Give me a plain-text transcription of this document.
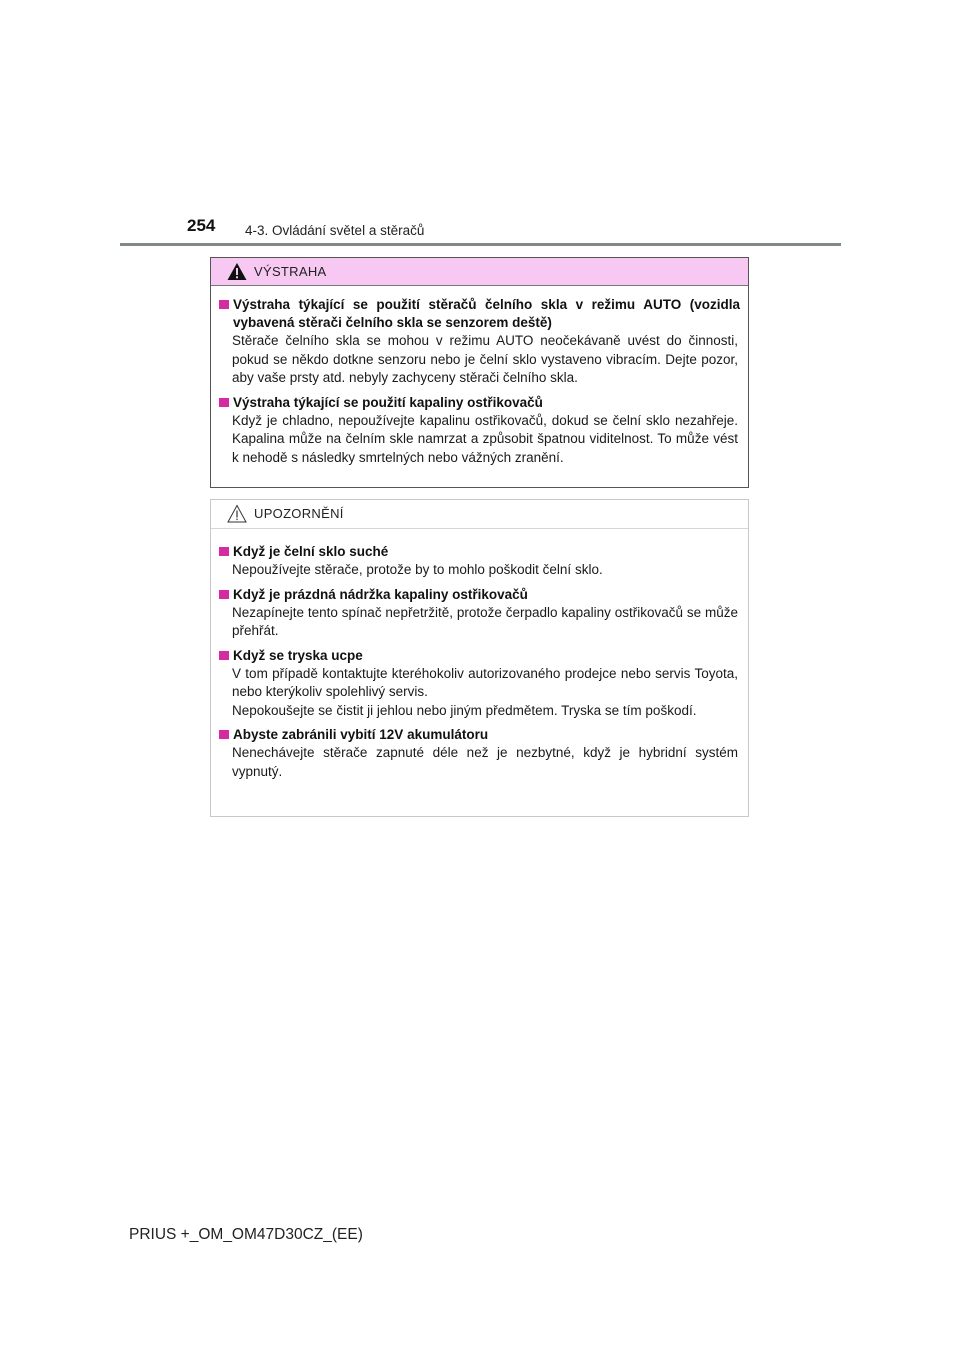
254 4-3. Ovládání světel a stěračů
VÝSTRAHA
Výstraha týkající se použití stěračů čelního skla v režimu AUTO (vozidla vybavená stěrači čelního skla se senzorem deště)
Stěrače čelního skla se mohou v režimu AUTO neočekávaně uvést do činnosti, pokud se někdo dotkne senzoru nebo je čelní sklo vystaveno vibracím. Dejte pozor, aby vaše prsty atd. nebyly zachyceny stěrači čelního skla.
Výstraha týkající se použití kapaliny ostřikovačů
Když je chladno, nepoužívejte kapalinu ostřikovačů, dokud se čelní sklo nezahřeje. Kapalina může na čelním skle namrzat a způsobit špatnou viditelnost. To může vést k nehodě s následky smrtelných nebo vážných zranění.
UPOZORNĚNÍ
Když je čelní sklo suché
Nepoužívejte stěrače, protože by to mohlo poškodit čelní sklo.
Když je prázdná nádržka kapaliny ostřikovačů
Nezapínejte tento spínač nepřetržitě, protože čerpadlo kapaliny ostřikovačů se může přehřát.
Když se tryska ucpe
V tom případě kontaktujte kteréhokoliv autorizovaného prodejce nebo servis Toyota, nebo kterýkoliv spolehlivý servis.
Nepokoušejte se čistit ji jehlou nebo jiným předmětem. Tryska se tím poškodí.
Abyste zabránili vybití 12V akumulátoru
Nenechávejte stěrače zapnuté déle než je nezbytné, když je hybridní systém vypnutý.
PRIUS +_OM_OM47D30CZ_(EE)
